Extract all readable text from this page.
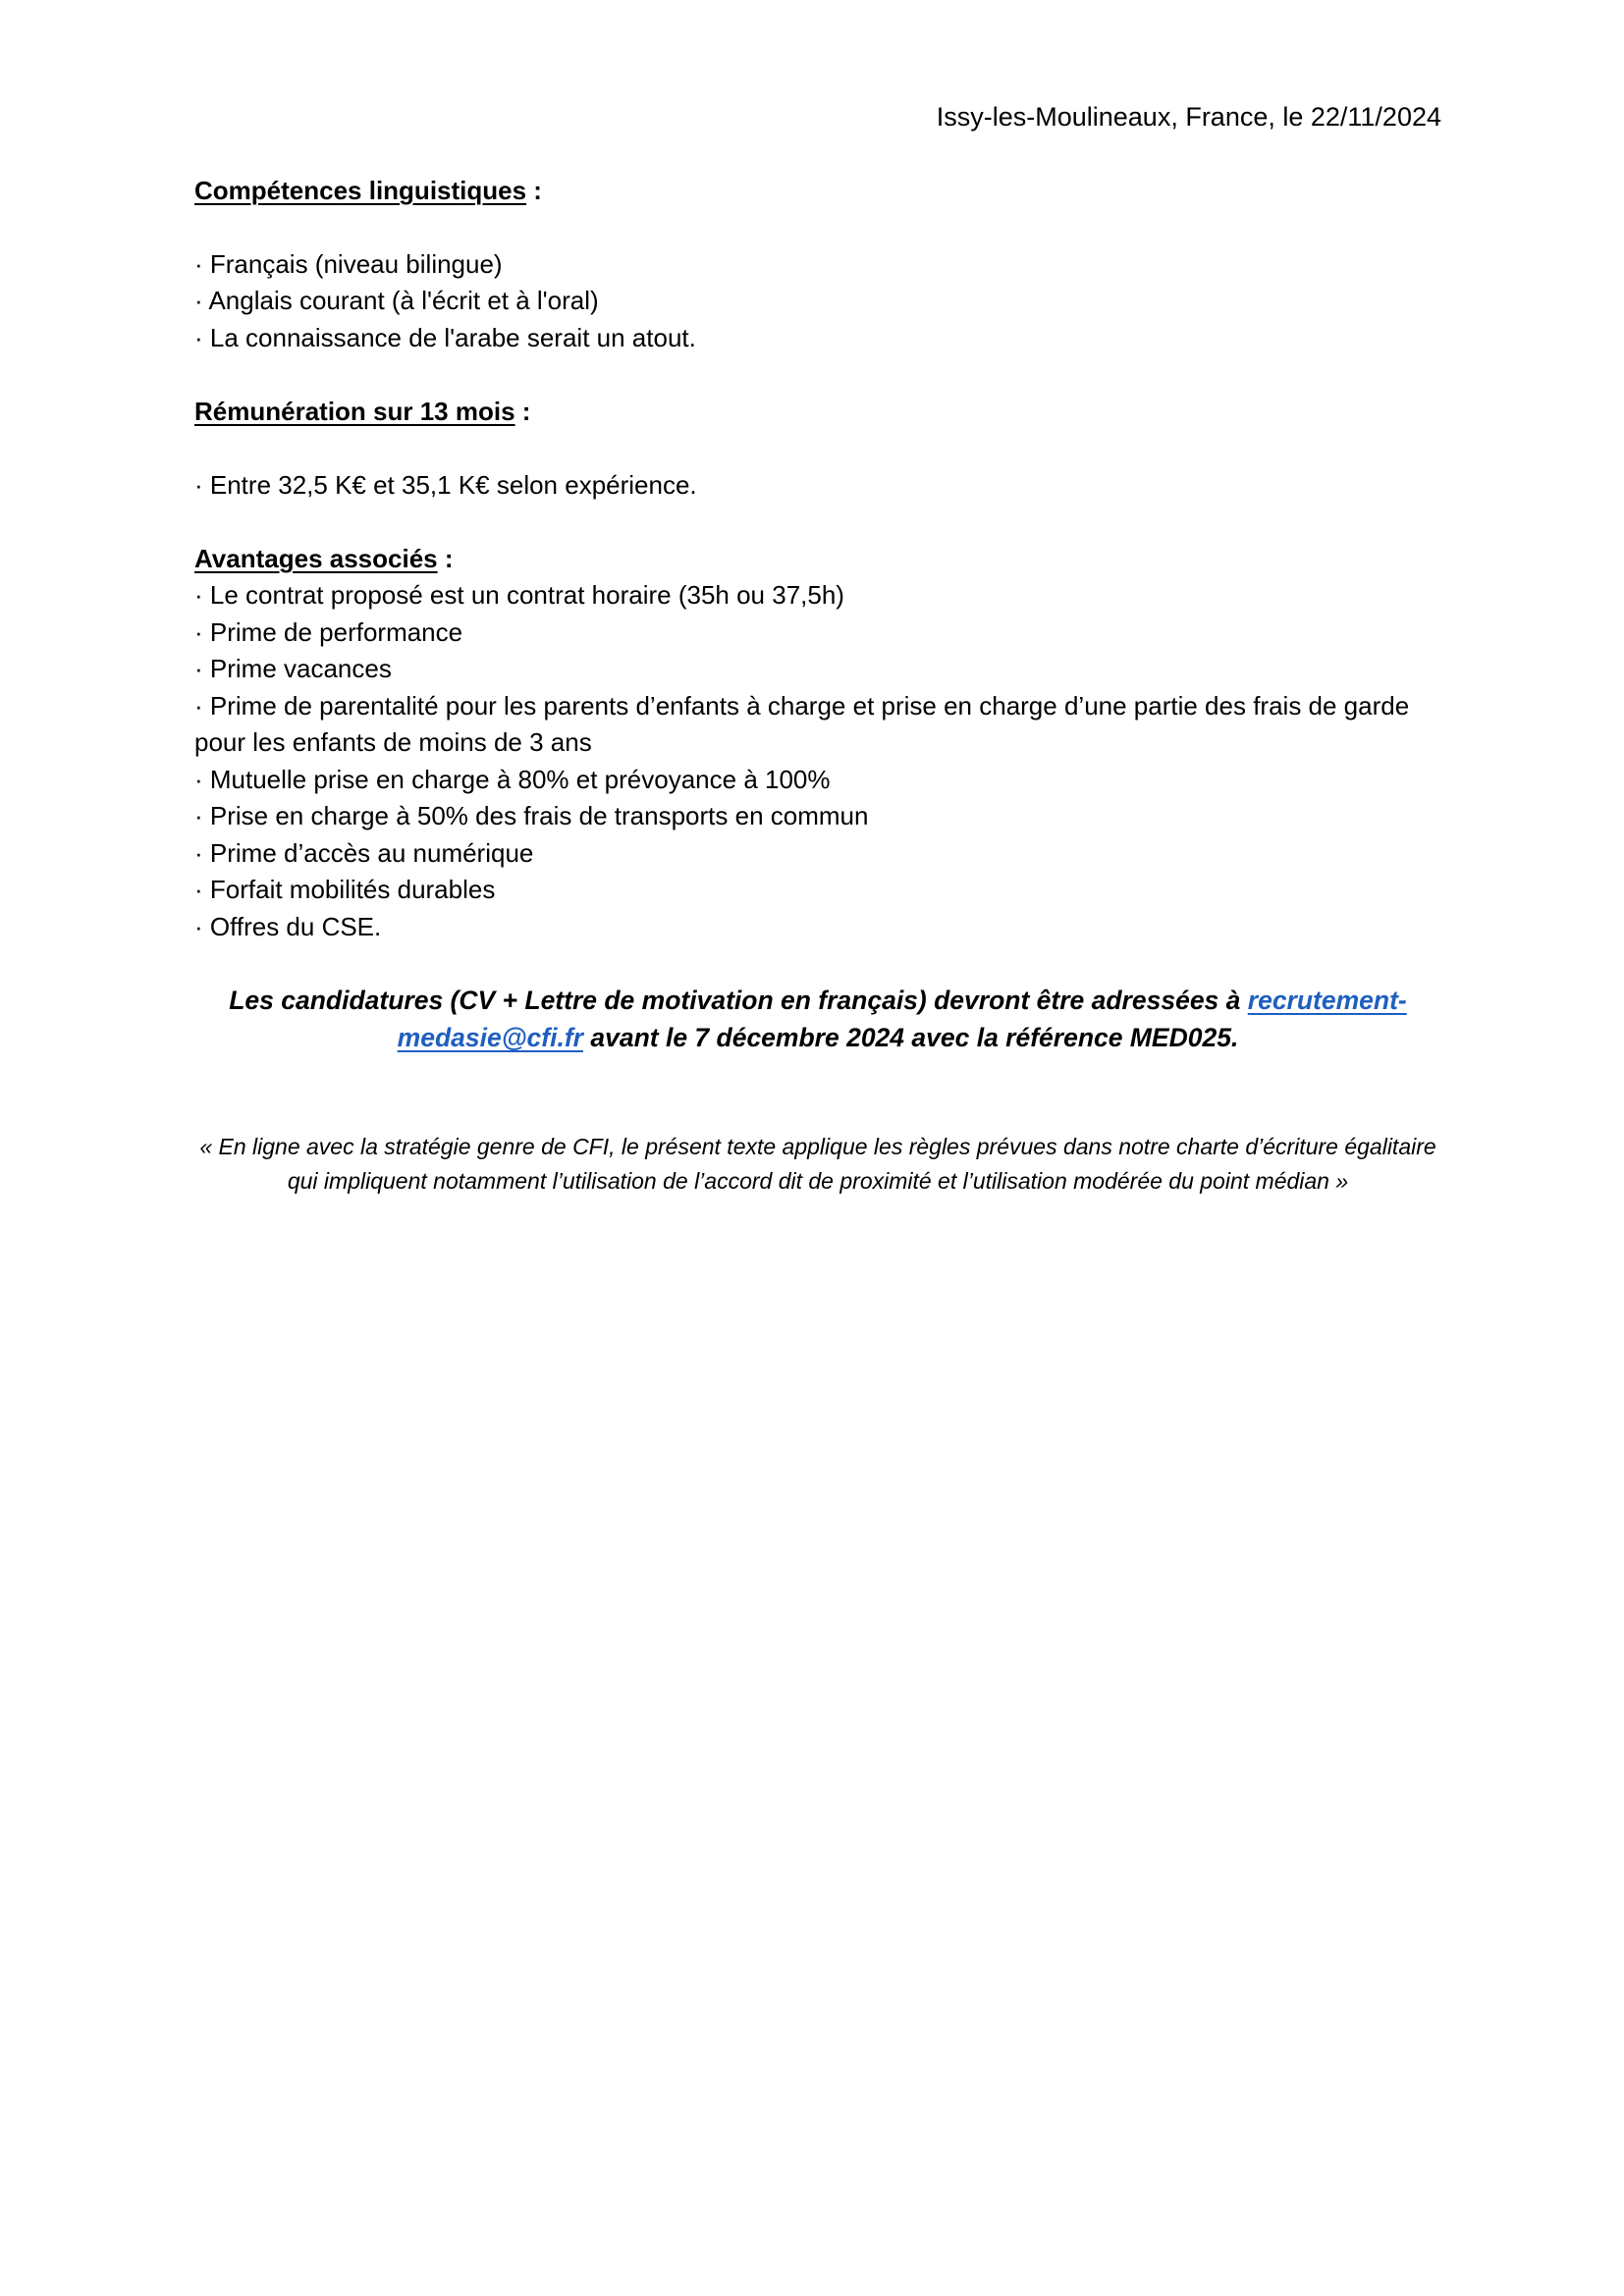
Issy-les-Moulineaux, France, le 22/11/2024

Compétences linguistiques :

· Français (niveau bilingue)
· Anglais courant (à l'écrit et à l'oral)
· La connaissance de l'arabe serait un atout.

Rémunération sur 13 mois :

· Entre 32,5 K€ et 35,1 K€ selon expérience.

Avantages associés :

· Le contrat proposé est un contrat horaire (35h ou 37,5h)
· Prime de performance
· Prime vacances
· Prime de parentalité pour les parents d’enfants à charge et prise en charge d’une partie des frais de garde pour les enfants de moins de 3 ans
· Mutuelle prise en charge à 80% et prévoyance à 100%
· Prise en charge à 50% des frais de transports en commun
· Prime d’accès au numérique
· Forfait mobilités durables
· Offres du CSE.

Les candidatures (CV + Lettre de motivation en français) devront être adressées à recrutement-medasie@cfi.fr avant le 7 décembre 2024 avec la référence MED025.

« En ligne avec la stratégie genre de CFI, le présent texte applique les règles prévues dans notre charte d’écriture égalitaire qui impliquent notamment l’utilisation de l’accord dit de proximité et l’utilisation modérée du point médian »
